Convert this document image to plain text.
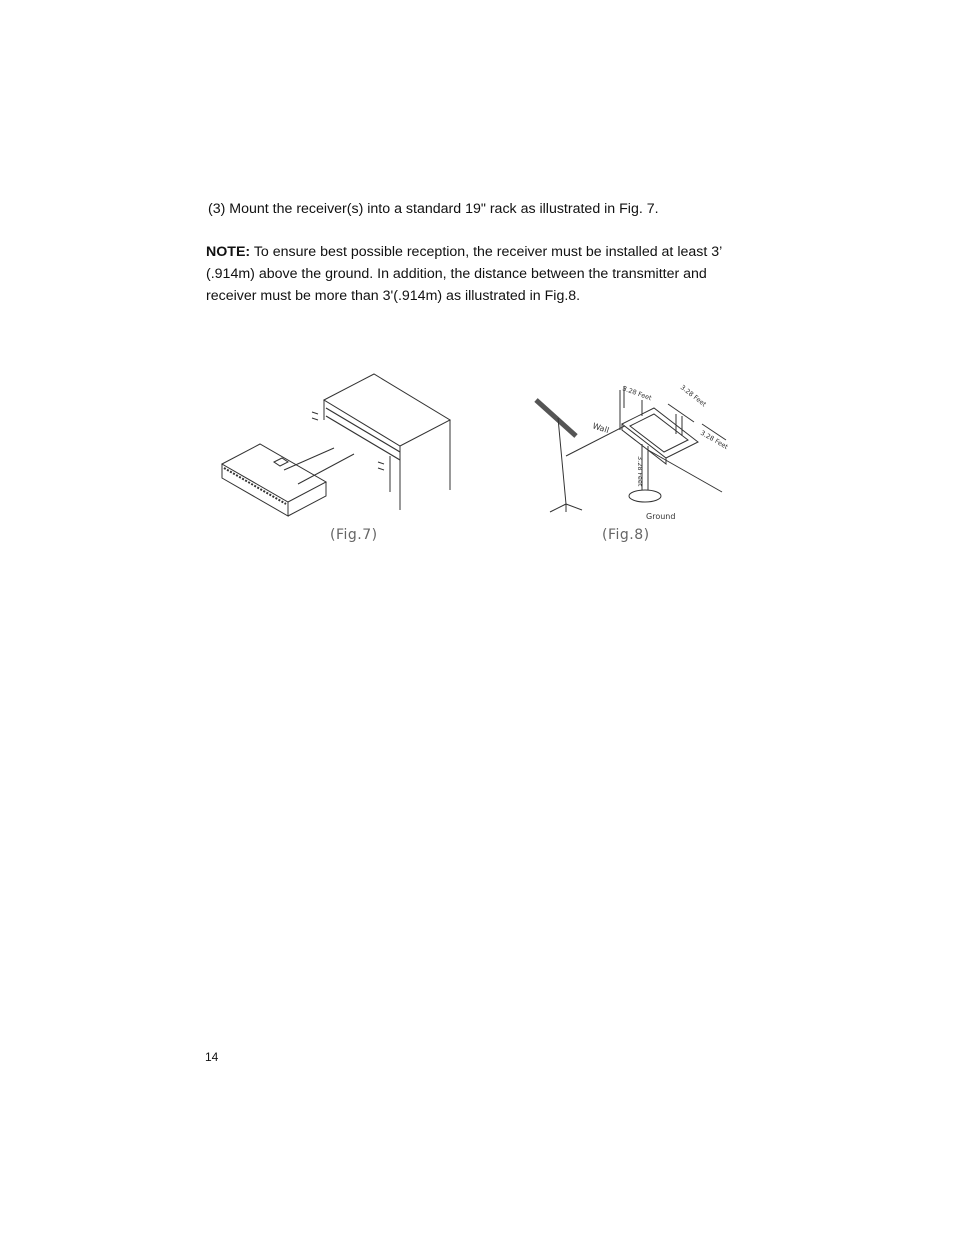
(3) Mount the receiver(s) into a standard 19" rack as illustrated in Fig. 7.
NOTE: To ensure best possible reception, the receiver must be installed at least 3’
(.914m) above the ground. In addition, the distance between the transmitter and
receiver must be more than 3'(.914m) as illustrated in Fig.8.
(Fig.7)
Wall
Ground
3.28 Feet	3.28 Feet
3.28 Feet
3.28 Feet
(Fig.8)
14
